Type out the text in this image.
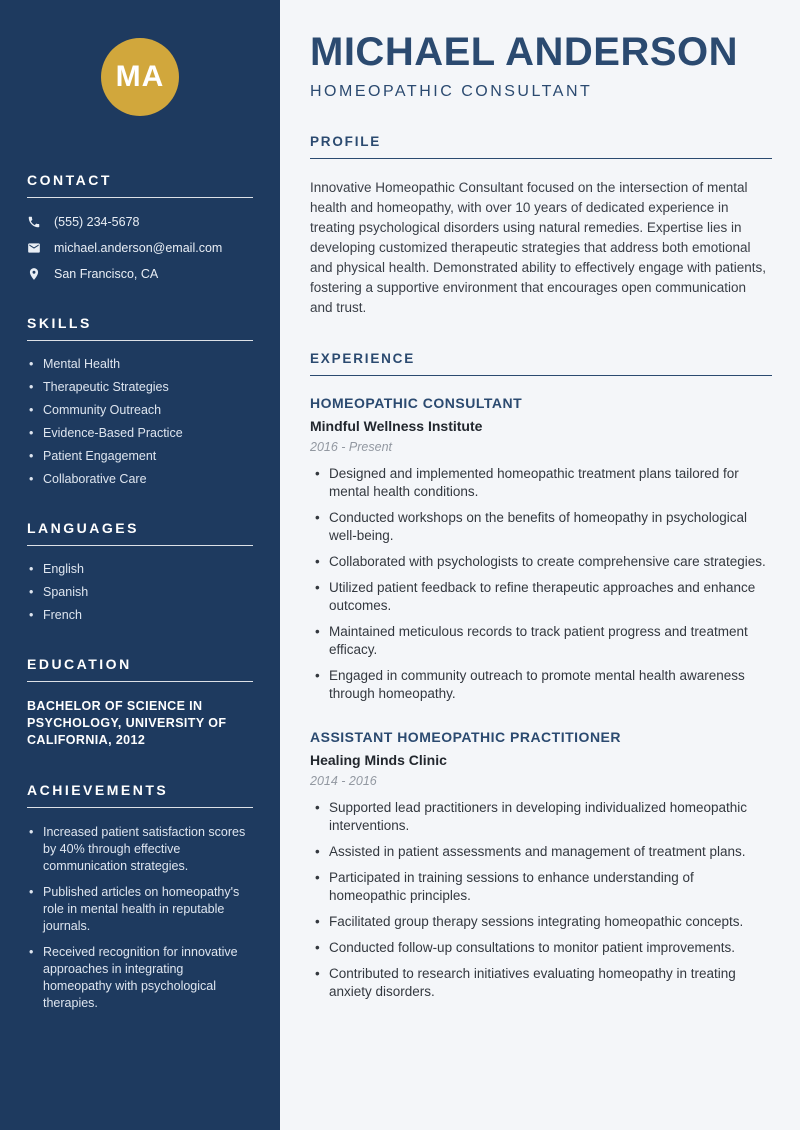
MA
CONTACT
(555) 234-5678
michael.anderson@email.com
San Francisco, CA
SKILLS
• Mental Health
• Therapeutic Strategies
• Community Outreach
• Evidence-Based Practice
• Patient Engagement
• Collaborative Care
LANGUAGES
• English
• Spanish
• French
EDUCATION

BACHELOR OF SCIENCE IN PSYCHOLOGY, UNIVERSITY OF CALIFORNIA, 2012

ACHIEVEMENTS
• Increased patient satisfaction scores by 40% through effective communication strategies.
• Published articles on homeopathy's role in mental health in reputable journals.
• Received recognition for innovative approaches in integrating homeopathy with psychological therapies.
MICHAEL ANDERSON

HOMEOPATHIC CONSULTANT

PROFILE

Innovative Homeopathic Consultant focused on the intersection of mental health and homeopathy, with over 10 years of dedicated experience in treating psychological disorders using natural remedies. Expertise lies in developing customized therapeutic strategies that address both emotional and physical health. Demonstrated ability to effectively engage with patients, fostering a supportive environment that encourages open communication and trust.

EXPERIENCE
HOMEOPATHIC CONSULTANT

Mindful Wellness Institute

2016 - Present

• Designed and implemented homeopathic treatment plans tailored for mental health conditions.
• Conducted workshops on the benefits of homeopathy in psychological well-being.
• Collaborated with psychologists to create comprehensive care strategies.
• Utilized patient feedback to refine therapeutic approaches and enhance outcomes.
• Maintained meticulous records to track patient progress and treatment efficacy.
• Engaged in community outreach to promote mental health awareness through homeopathy.
ASSISTANT HOMEOPATHIC PRACTITIONER

Healing Minds Clinic

2014 - 2016

• Supported lead practitioners in developing individualized homeopathic interventions.
• Assisted in patient assessments and management of treatment plans.
• Participated in training sessions to enhance understanding of homeopathic principles.
• Facilitated group therapy sessions integrating homeopathic concepts.
• Conducted follow-up consultations to monitor patient improvements.
• Contributed to research initiatives evaluating homeopathy in treating anxiety disorders.
